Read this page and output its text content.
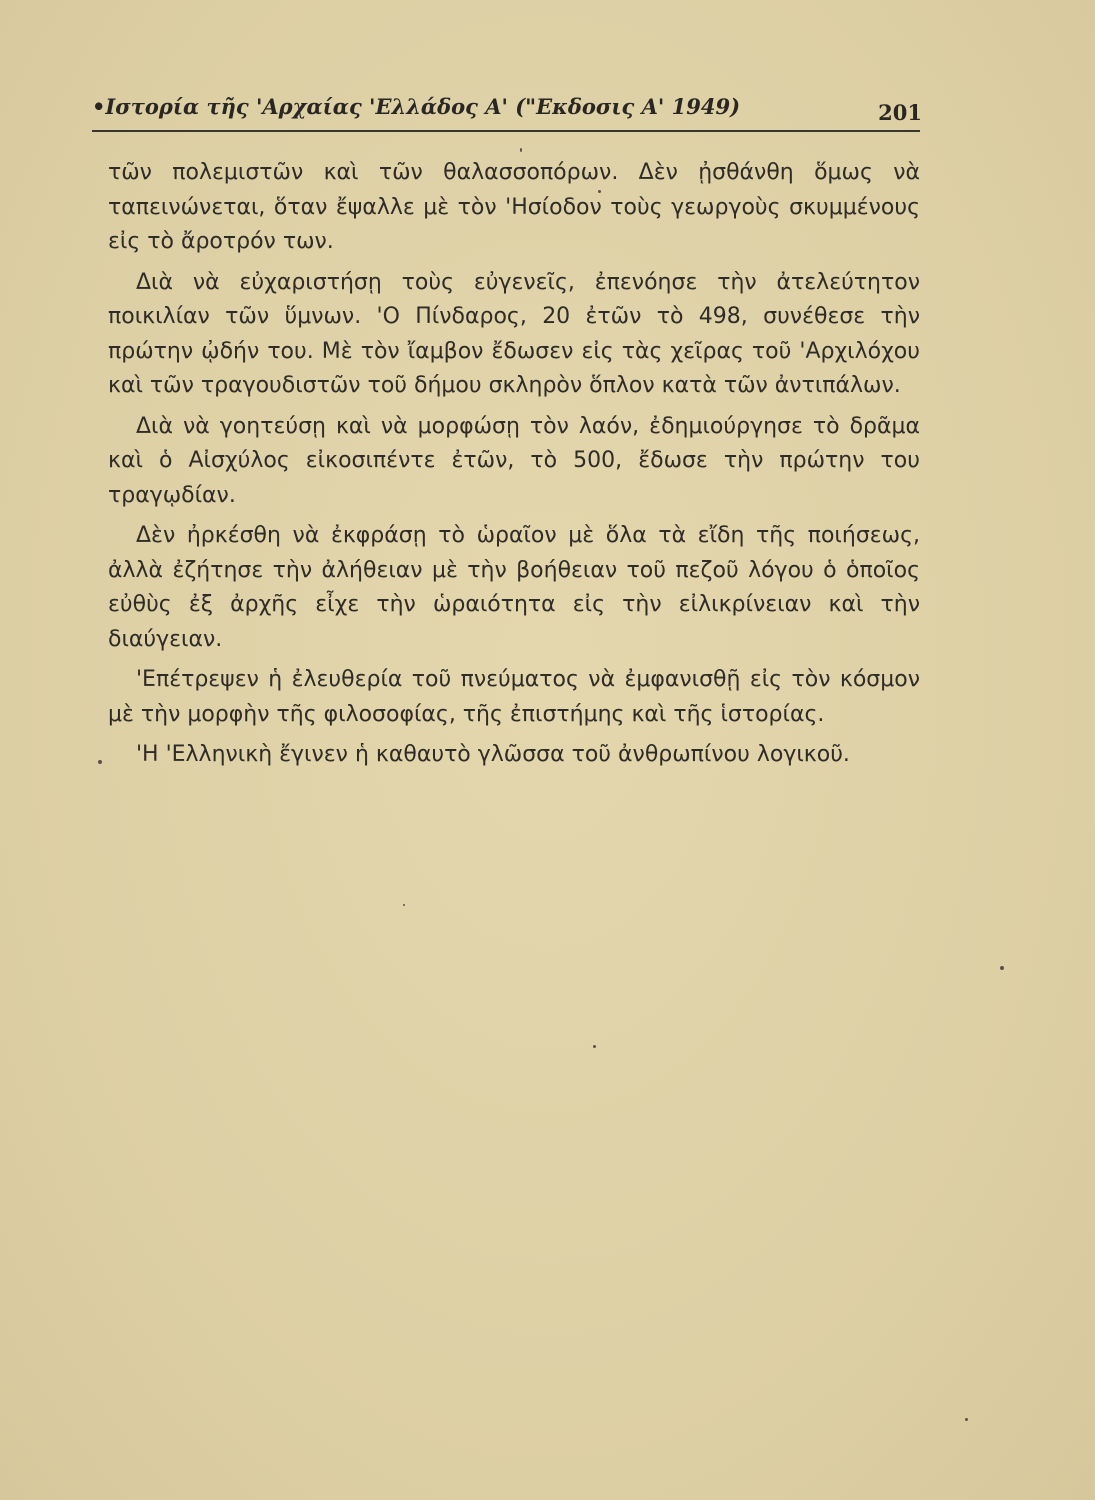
•Ιστορία τῆς 'Αρχαίας 'Ελλάδος Α' ("Εκδοσις Α' 1949)	201

τῶν πολεμιστῶν καὶ τῶν θαλασσοπόρων. Δὲν ᾐσθάνθη ὅμως νὰ ταπεινώνεται, ὅταν ἔψαλλε μὲ τὸν 'Ησίοδον τοὺς γεωργοὺς σκυμμένους εἰς τὸ ἄροτρόν των.

Διὰ νὰ εὐχαριστήσῃ τοὺς εὐγενεῖς, ἐπενόησε τὴν ἀτελεύτητον ποικιλίαν τῶν ὕμνων. 'Ο Πίνδαρος, 20 ἐτῶν τὸ 498, συνέθεσε τὴν πρώτην ᾠδήν του. Μὲ τὸν ἴαμβον ἔδωσεν εἰς τὰς χεῖρας τοῦ 'Αρχιλόχου καὶ τῶν τραγουδιστῶν τοῦ δήμου σκληρὸν ὅπλον κατὰ τῶν ἀντιπάλων.

Διὰ νὰ γοητεύσῃ καὶ νὰ μορφώσῃ τὸν λαόν, ἐδημιούργησε τὸ δρᾶμα καὶ ὁ Αἰσχύλος εἰκοσιπέντε ἐτῶν, τὸ 500, ἔδωσε τὴν πρώτην του τραγῳδίαν.

Δὲν ἠρκέσθη νὰ ἐκφράσῃ τὸ ὡραῖον μὲ ὅλα τὰ εἴδη τῆς ποιήσεως, ἀλλὰ ἐζήτησε τὴν ἀλήθειαν μὲ τὴν βοήθειαν τοῦ πεζοῦ λόγου ὁ ὁποῖος εὐθὺς ἐξ ἀρχῆς εἶχε τὴν ὡραιότητα εἰς τὴν εἰλικρίνειαν καὶ τὴν διαύγειαν.

'Επέτρεψεν ἡ ἐλευθερία τοῦ πνεύματος νὰ ἐμφανισθῇ εἰς τὸν κόσμον μὲ τὴν μορφὴν τῆς φιλοσοφίας, τῆς ἐπιστήμης καὶ τῆς ἱστορίας.

'Η 'Ελληνικὴ ἔγινεν ἡ καθαυτὸ γλῶσσα τοῦ ἀνθρωπίνου λογικοῦ.
